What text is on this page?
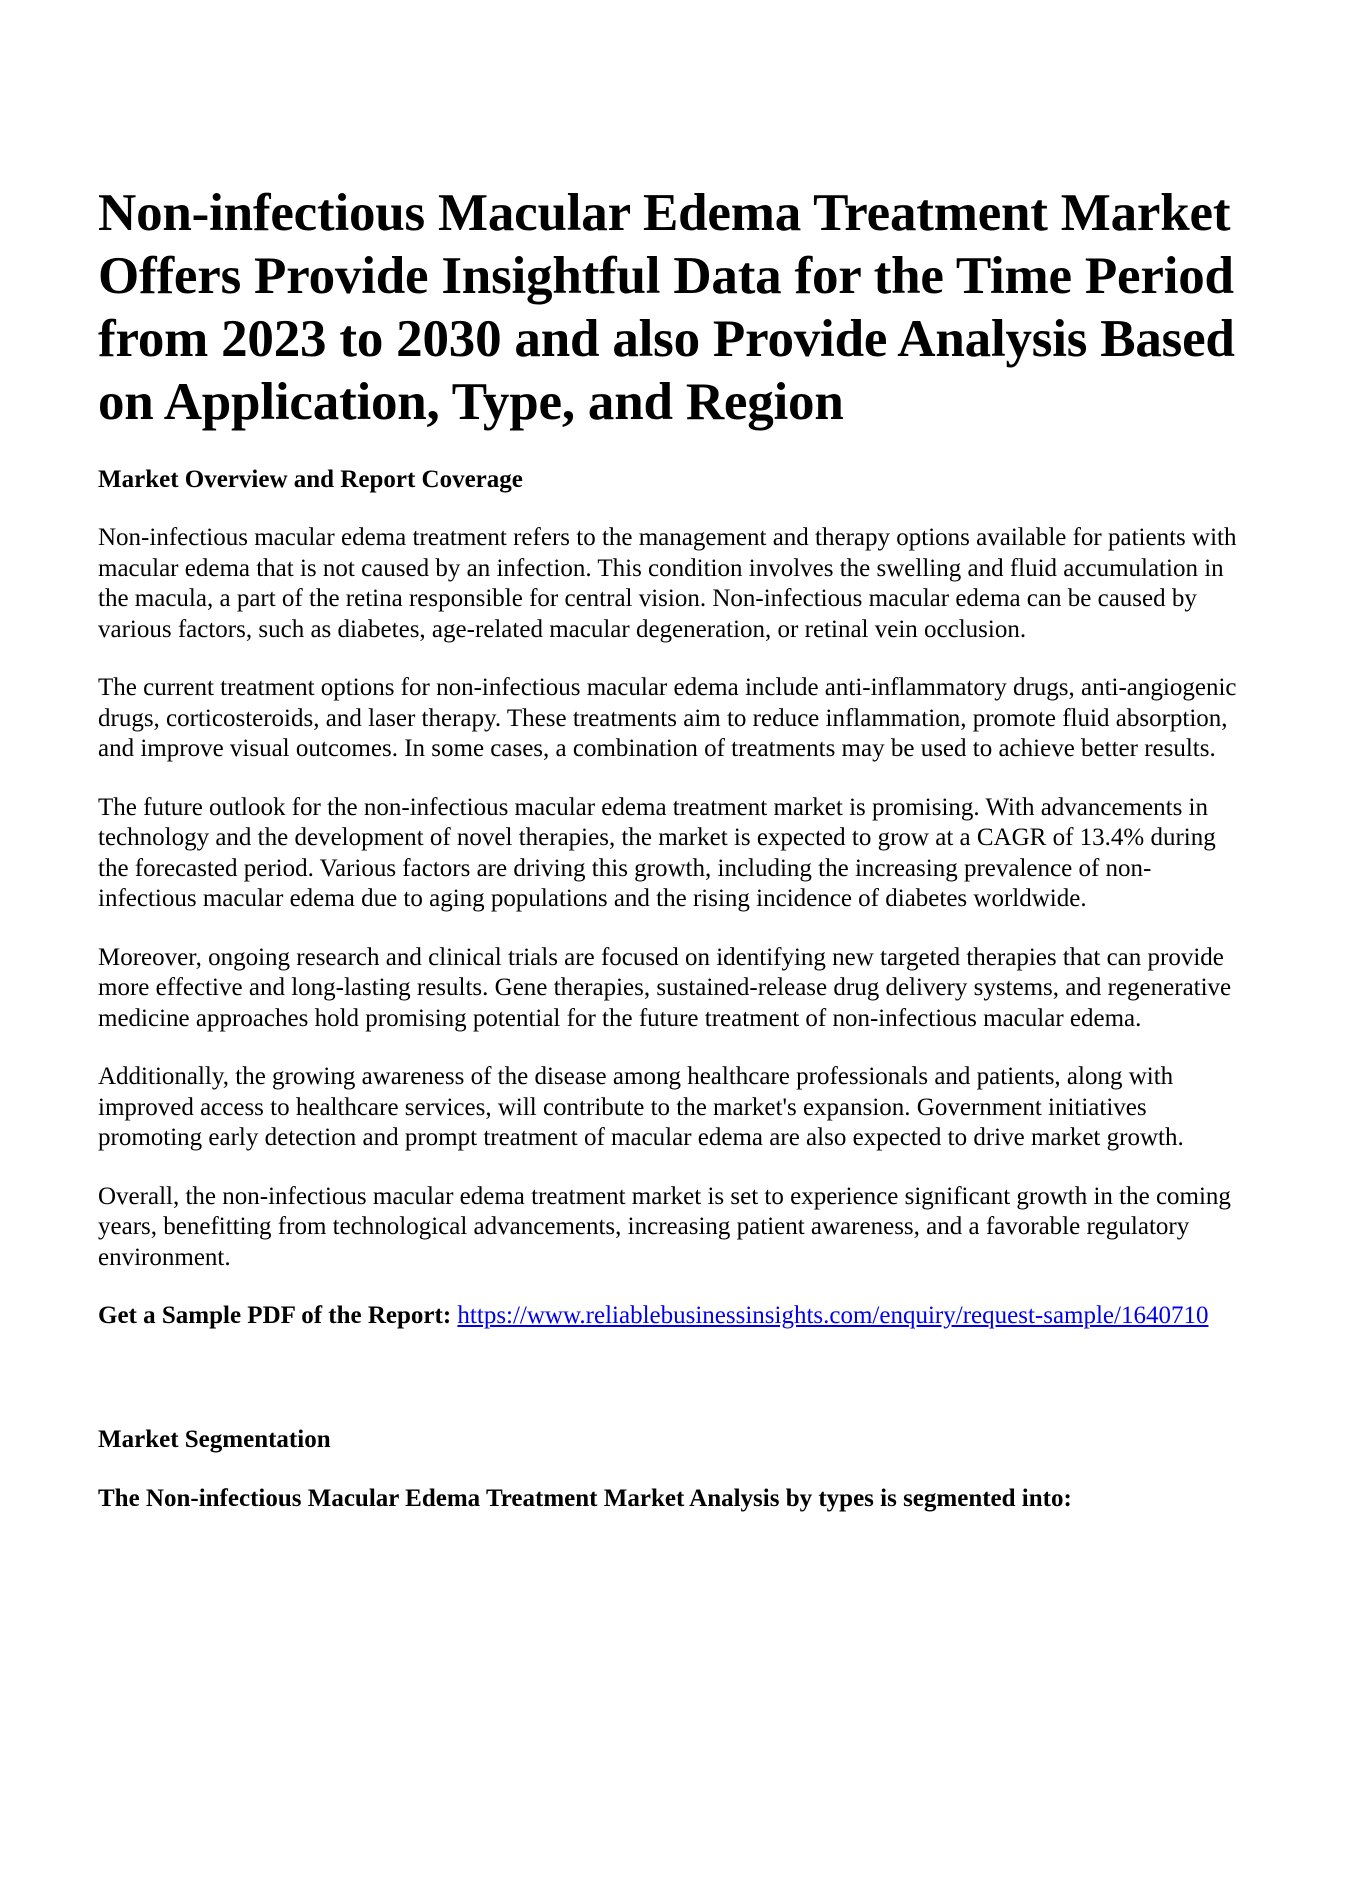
Non-infectious Macular Edema Treatment Market Offers Provide Insightful Data for the Time Period from 2023 to 2030 and also Provide Analysis Based on Application, Type, and Region
Market Overview and Report Coverage

Non-infectious macular edema treatment refers to the management and therapy options available for patients with macular edema that is not caused by an infection. This condition involves the swelling and fluid accumulation in the macula, a part of the retina responsible for central vision. Non-infectious macular edema can be caused by various factors, such as diabetes, age-related macular degeneration, or retinal vein occlusion.

The current treatment options for non-infectious macular edema include anti-inflammatory drugs, anti-angiogenic drugs, corticosteroids, and laser therapy. These treatments aim to reduce inflammation, promote fluid absorption, and improve visual outcomes. In some cases, a combination of treatments may be used to achieve better results.

The future outlook for the non-infectious macular edema treatment market is promising. With advancements in technology and the development of novel therapies, the market is expected to grow at a CAGR of 13.4% during the forecasted period. Various factors are driving this growth, including the increasing prevalence of non-infectious macular edema due to aging populations and the rising incidence of diabetes worldwide.

Moreover, ongoing research and clinical trials are focused on identifying new targeted therapies that can provide more effective and long-lasting results. Gene therapies, sustained-release drug delivery systems, and regenerative medicine approaches hold promising potential for the future treatment of non-infectious macular edema.

Additionally, the growing awareness of the disease among healthcare professionals and patients, along with improved access to healthcare services, will contribute to the market's expansion. Government initiatives promoting early detection and prompt treatment of macular edema are also expected to drive market growth.

Overall, the non-infectious macular edema treatment market is set to experience significant growth in the coming years, benefitting from technological advancements, increasing patient awareness, and a favorable regulatory environment.

Get a Sample PDF of the Report: https://www.reliablebusinessinsights.com/enquiry/request-sample/1640710

Market Segmentation
The Non-infectious Macular Edema Treatment Market Analysis by types is segmented into:
